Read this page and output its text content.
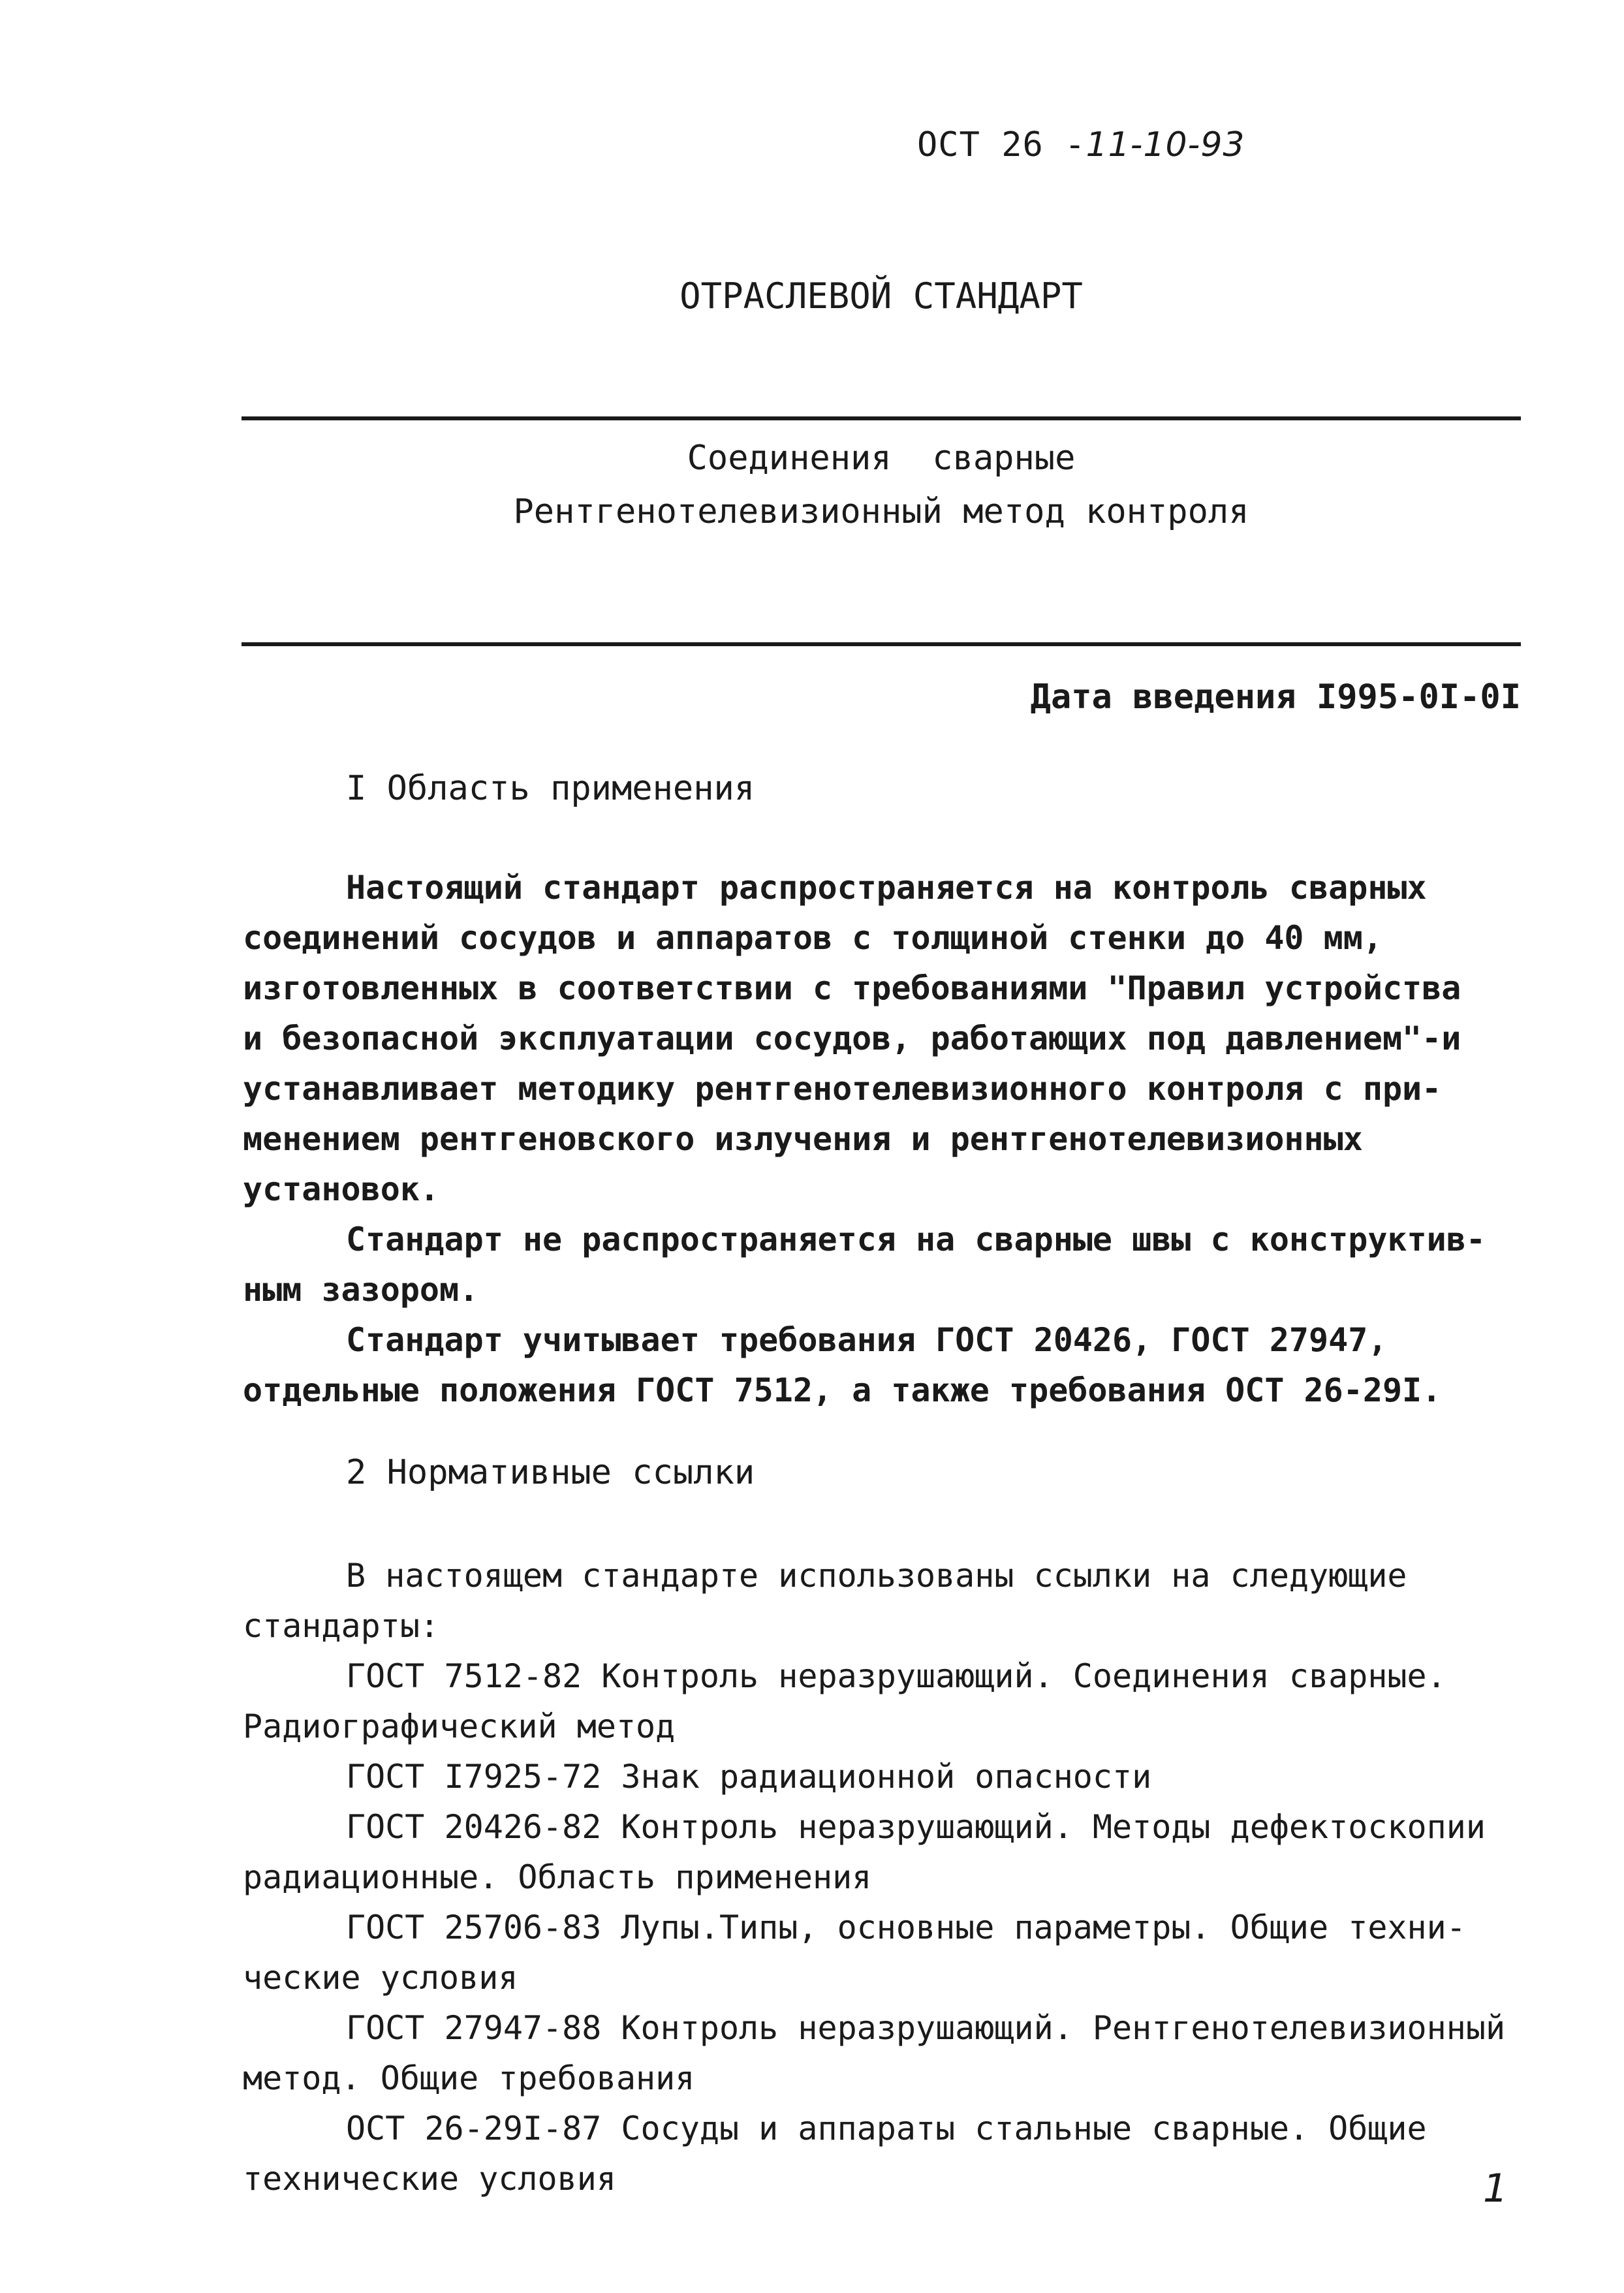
ОСТ 26 -11-10-93
ОТРАСЛЕВОЙ СТАНДАРТ
Соединения  сварные
Рентгенотелевизионный метод контроля
Дата введения I995-0I-0I
I Область применения
Настоящий стандарт распространяется на контроль сварных
соединений сосудов и аппаратов с толщиной стенки до 40 мм,
изготовленных в соответствии с требованиями "Правил устройства
и безопасной эксплуатации сосудов, работающих под давлением"-и
устанавливает методику рентгенотелевизионного контроля с при-
менением рентгеновского излучения и рентгенотелевизионных
установок.
Стандарт не распространяется на сварные швы с конструктив-
ным зазором.
Стандарт учитывает требования ГОСТ 20426, ГОСТ 27947,
отдельные положения ГОСТ 7512, а также требования ОСТ 26-29I.
2 Нормативные ссылки
В настоящем стандарте использованы ссылки на следующие
стандарты:
ГОСТ 7512-82 Контроль неразрушающий. Соединения сварные.
Радиографический метод
ГОСТ I7925-72 Знак радиационной опасности
ГОСТ 20426-82 Контроль неразрушающий. Методы дефектоскопии
радиационные. Область применения
ГОСТ 25706-83 Лупы.Типы, основные параметры. Общие техни-
ческие условия
ГОСТ 27947-88 Контроль неразрушающий. Рентгенотелевизионный
метод. Общие требования
ОСТ 26-29I-87 Сосуды и аппараты стальные сварные. Общие
технические условия	1
